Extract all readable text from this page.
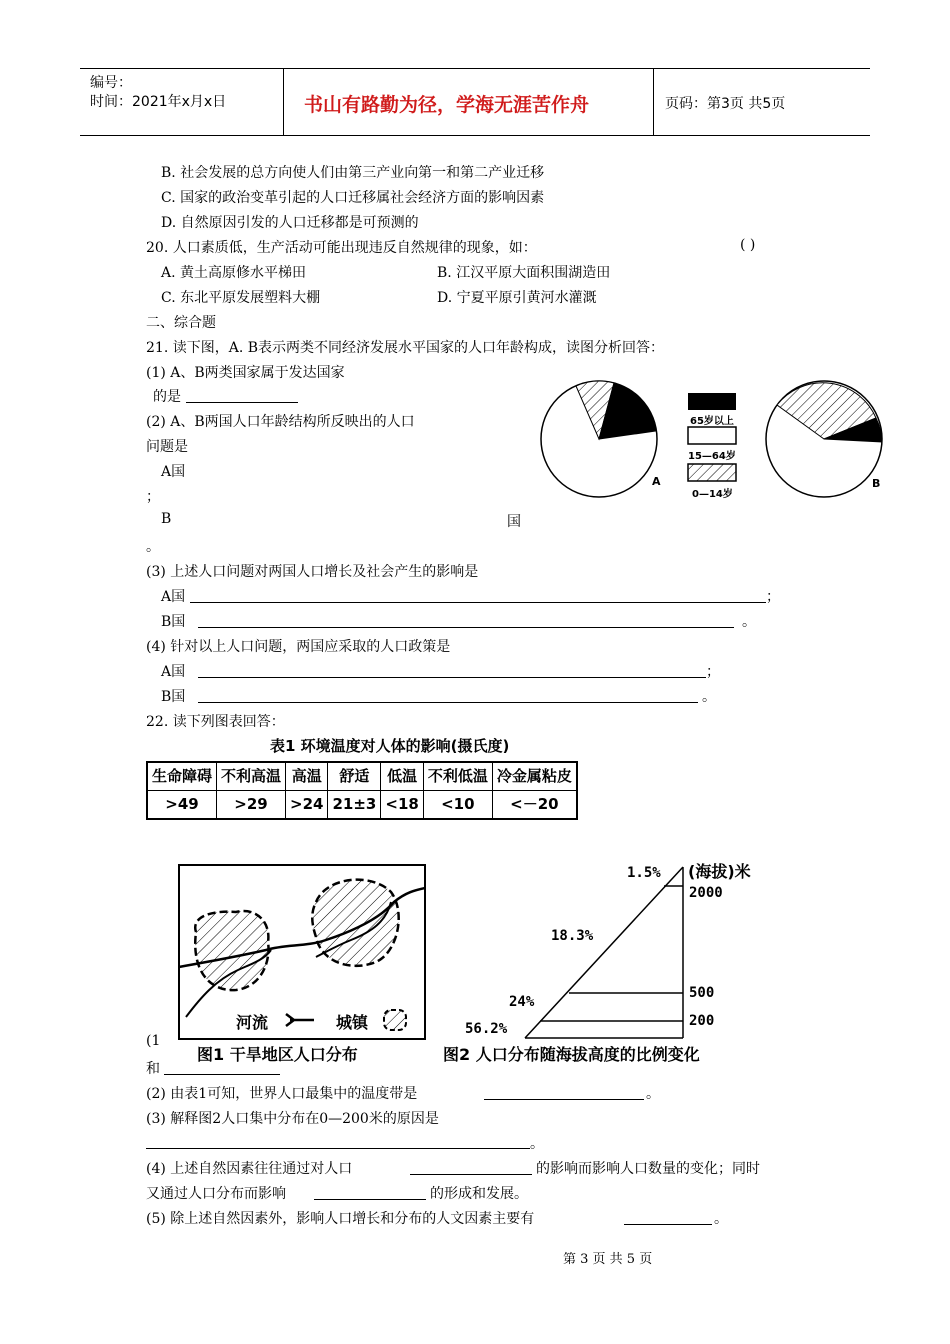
编号：
时间：2021年x月x日	书山有路勤为径，学海无涯苦作舟	页码：第3页 共5页
B. 社会发展的总方向使人们由第三产业向第一和第二产业迁移
C. 国家的政治变革引起的人口迁移属社会经济方面的影响因素
D. 自然原因引发的人口迁移都是可预测的
20. 人口素质低，生产活动可能出现违反自然规律的现象，如：	( )
A. 黄土高原修水平梯田	B. 江汉平原大面积围湖造田
C. 东北平原发展塑料大棚	D. 宁夏平原引黄河水灌溉
二、综合题
21. 读下图，A. B表示两类不同经济发展水平国家的人口年龄构成，读图分析回答：
(1) A、B两类国家属于发达国家
的是
(2) A、B两国人口年龄结构所反映出的人口
问题是
A国
；
B	国
。
A
65岁以上
15—64岁
0—14岁
B
(3) 上述人口问题对两国人口增长及社会产生的影响是
A国	；
B国	。
(4) 针对以上人口问题，两国应采取的人口政策是
A国	；
B国	。
22. 读下列图表回答：
表1 环境温度对人体的影响(摄氏度)
生命障碍	不利高温	高温	舒适	低温	不利低温	冷金属粘皮
>49	>29	>24	21±3	<18	<10	<－20
河流	城镇
1.5% (海拔)米
2000
18.3%
24%
500
56.2%	200
(1
图1 干旱地区人口分布	图2 人口分布随海拔高度的比例变化
和
(2) 由表1可知，世界人口最集中的温度带是	。
(3) 解释图2人口集中分布在0—200米的原因是
。
(4) 上述自然因素往往通过对人口	的影响而影响人口数量的变化；同时
又通过人口分布而影响	的形成和发展。
(5) 除上述自然因素外，影响人口增长和分布的人文因素主要有	。
第 3 页 共 5 页
